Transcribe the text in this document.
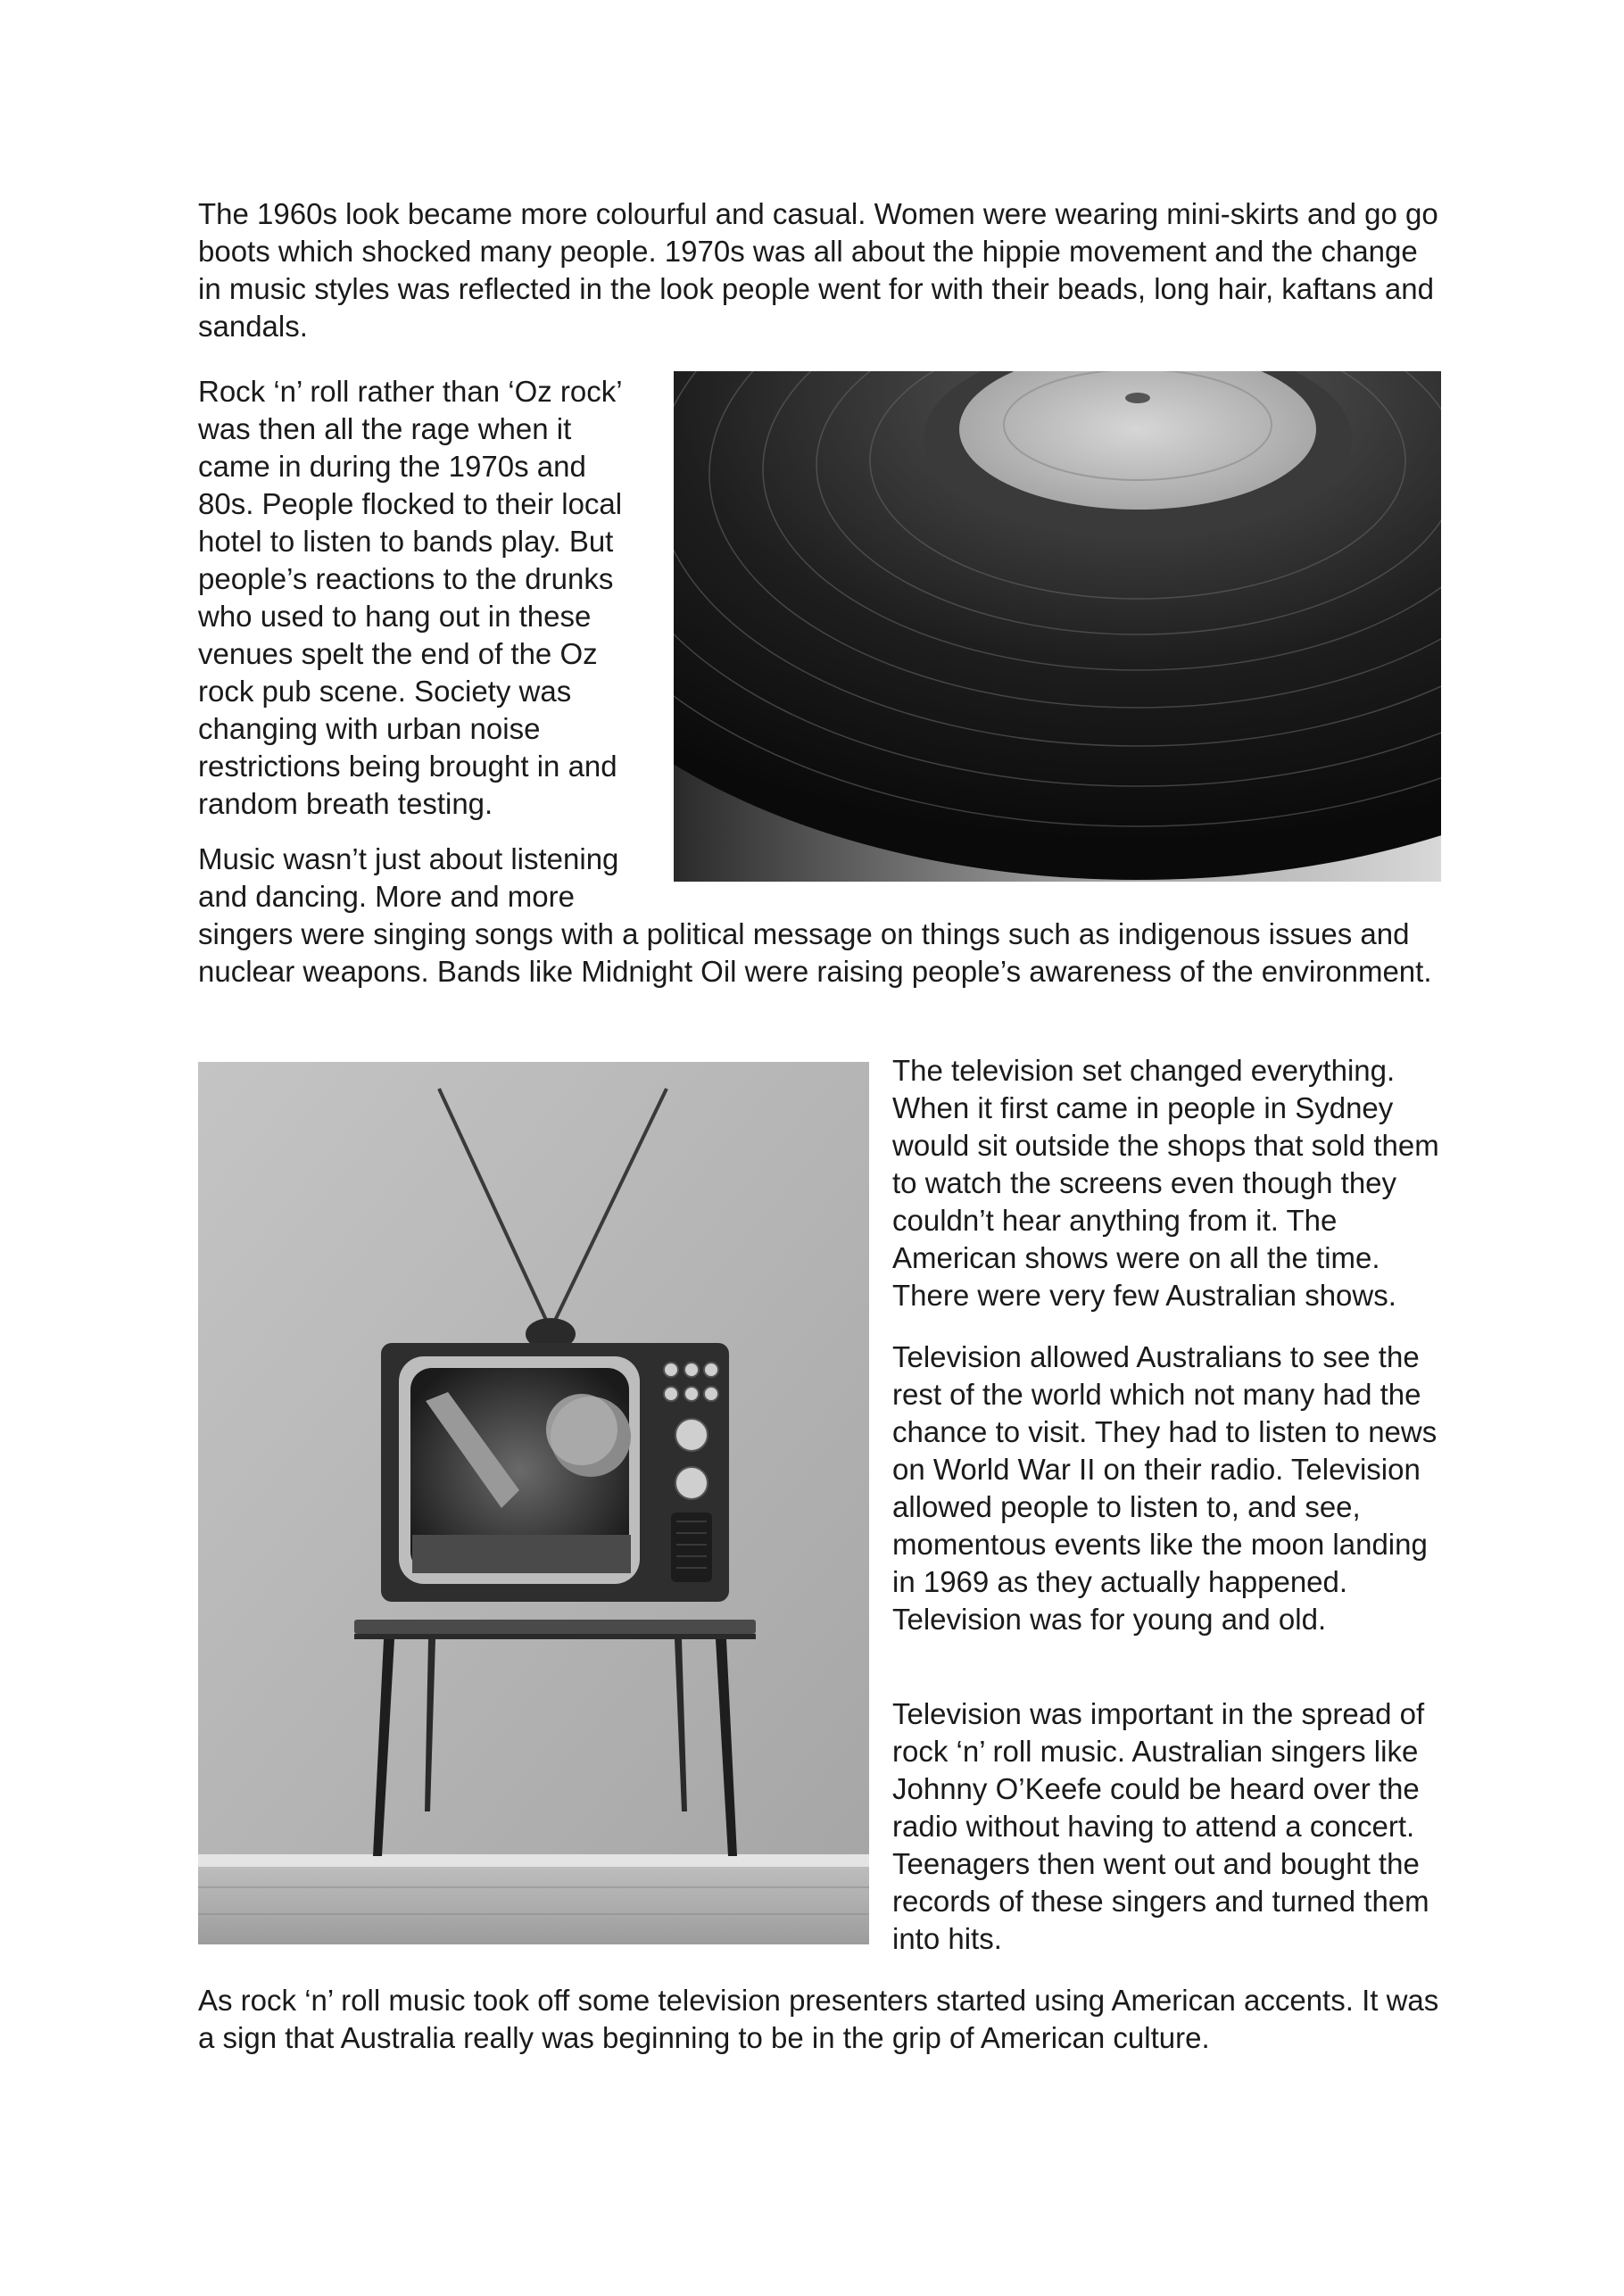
The 1960s look became more colourful and casual. Women were wearing mini-skirts and go go boots which shocked many people. 1970s was all about the hippie movement and the change in music styles was reflected in the look people went for with their beads, long hair, kaftans and sandals.

Rock ‘n’ roll rather than ‘Oz rock’ was then all the rage when it came in during the 1970s and 80s. People flocked to their local hotel to listen to bands play. But people’s reactions to the drunks who used to hang out in these venues spelt the end of the Oz rock pub scene. Society was changing with urban noise restrictions being brought in and random breath testing.

Music wasn’t just about listening and dancing. More and more

singers were singing songs with a political message on things such as indigenous issues and nuclear weapons. Bands like Midnight Oil were raising people’s awareness of the environment.

The television set changed everything. When it first came in people in Sydney would sit outside the shops that sold them to watch the screens even though they couldn’t hear anything from it. The American shows were on all the time. There were very few Australian shows.

Television allowed Australians to see the rest of the world which not many had the chance to visit. They had to listen to news on World War II on their radio. Television allowed people to listen to, and see, momentous events like the moon landing in 1969 as they actually happened. Television was for young and old.

Television was important in the spread of rock ‘n’ roll music. Australian singers like Johnny O’Keefe could be heard over the radio without having to attend a concert. Teenagers then went out and bought the records of these singers and turned them into hits.

As rock ‘n’ roll music took off some television presenters started using American accents. It was a sign that Australia really was beginning to be in the grip of American culture.
